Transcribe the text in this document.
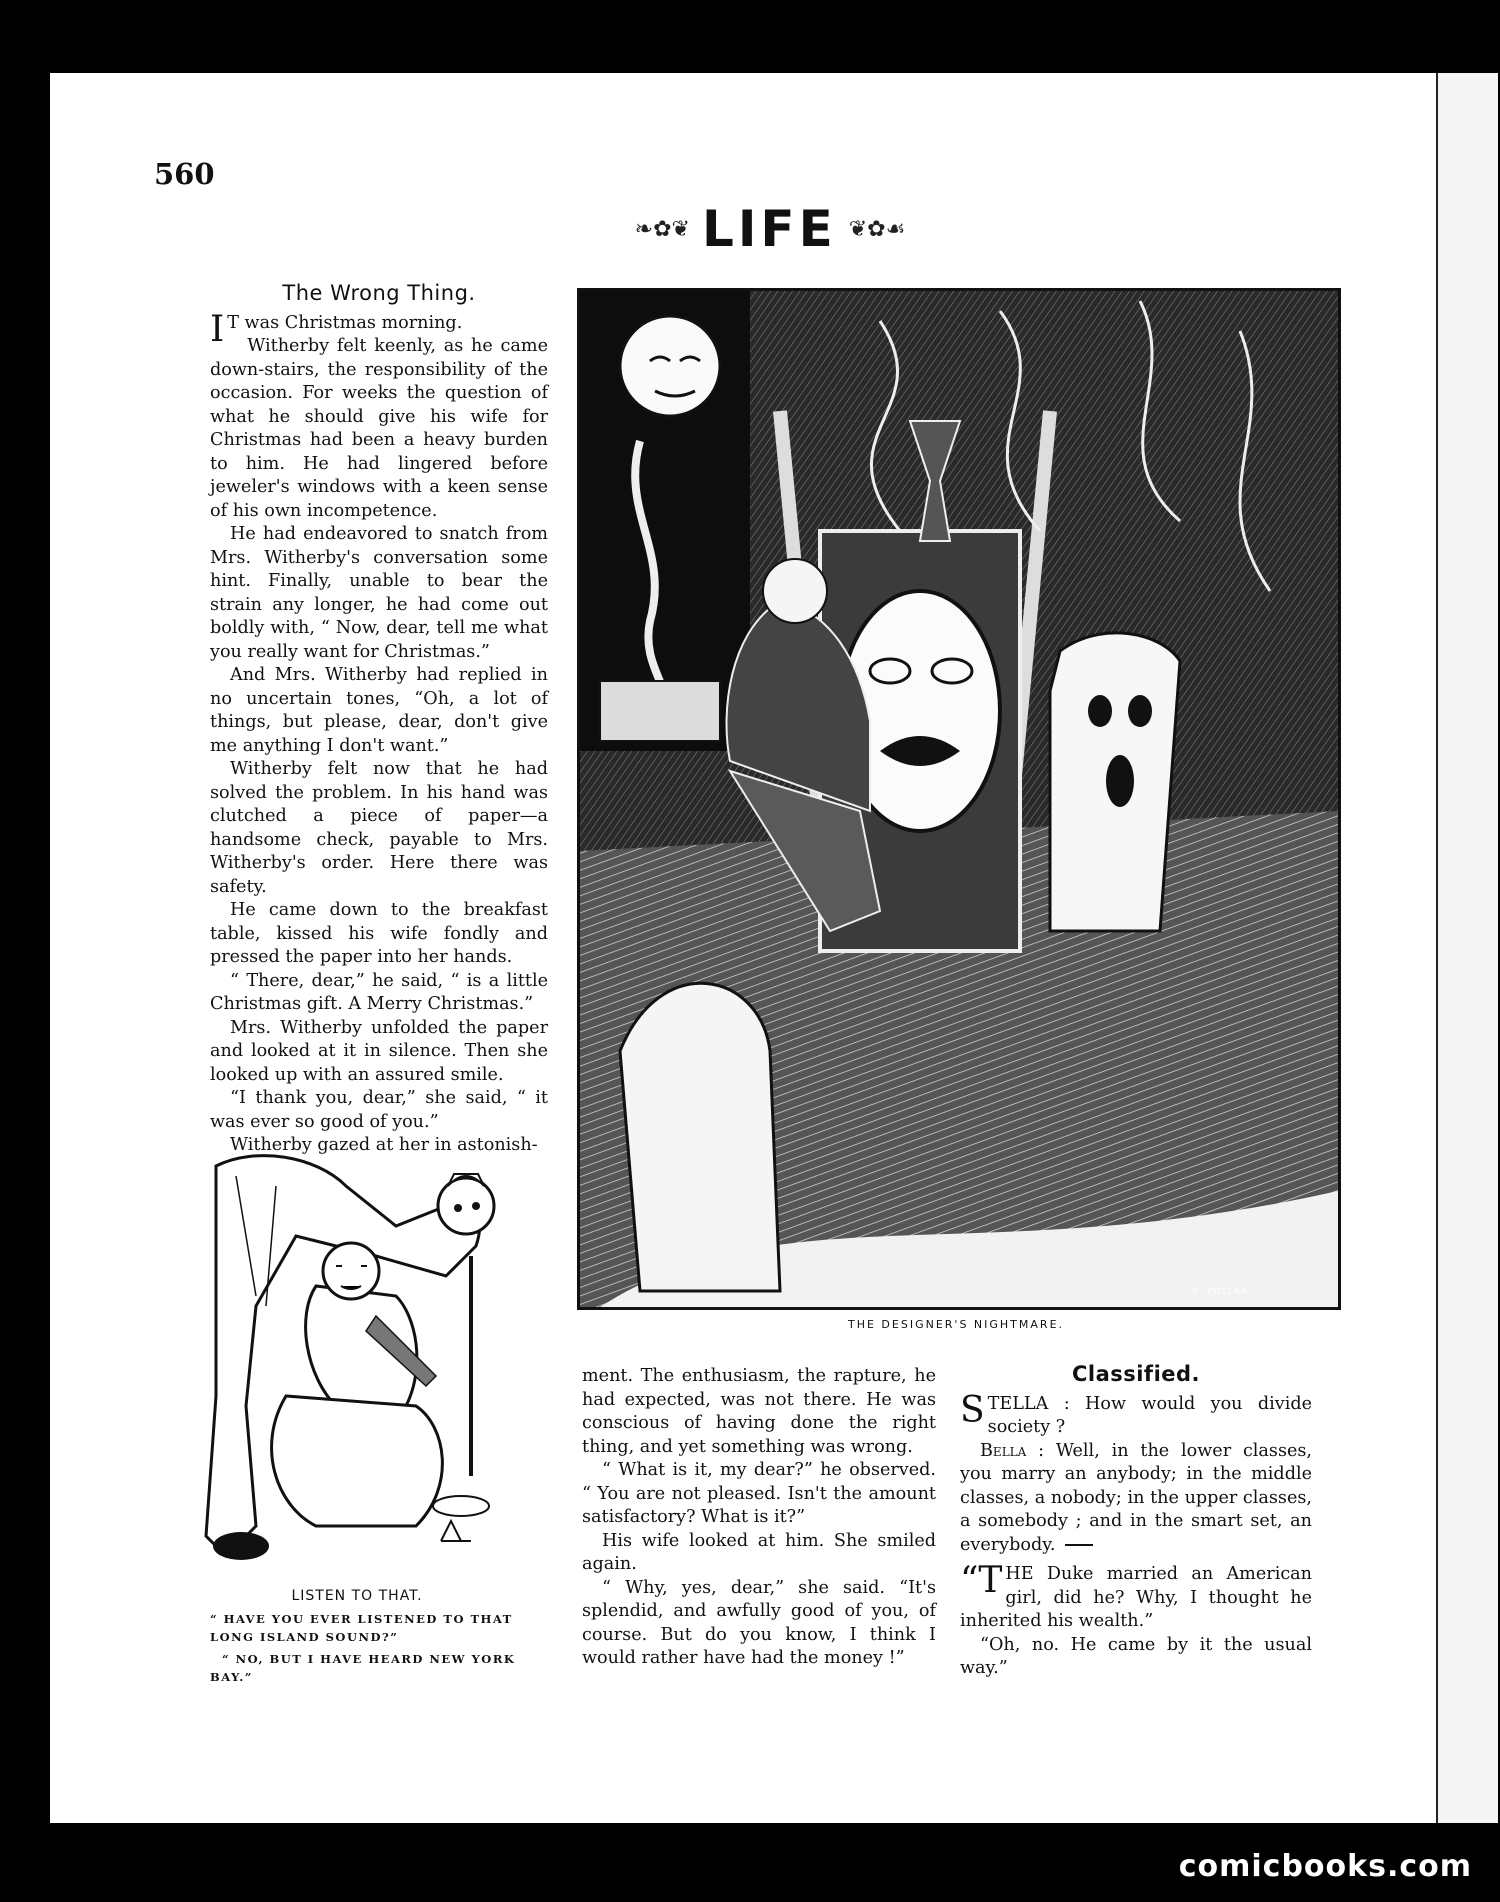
560
❧✿❦ LIFE ❦✿☙
The Wrong Thing.

I T was Christmas morning.

Witherby felt keenly, as he came down-stairs, the responsibility of the occasion. For weeks the question of what he should give his wife for Christmas had been a heavy burden to him. He had lingered before jeweler's windows with a keen sense of his own incompetence.

He had endeavored to snatch from Mrs. Witherby's conversation some hint. Finally, unable to bear the strain any longer, he had come out boldly with, “ Now, dear, tell me what you really want for Christmas.”

And Mrs. Witherby had replied in no uncertain tones, “Oh, a lot of things, but please, dear, don't give me anything I don't want.”

Witherby felt now that he had solved the problem. In his hand was clutched a piece of paper—a handsome check, payable to Mrs. Witherby's order. Here there was safety.

He came down to the breakfast table, kissed his wife fondly and pressed the paper into her hands.

“ There, dear,” he said, “ is a little Christmas gift. A Merry Christmas.”

Mrs. Witherby unfolded the paper and looked at it in silence. Then she looked up with an assured smile.

“I thank you, dear,” she said, “ it was ever so good of you.”

Witherby gazed at her in astonish-

E. POLLAK
THE DESIGNER'S NIGHTMARE.
LISTEN TO THAT.

“ HAVE YOU EVER LISTENED TO THAT LONG ISLAND SOUND?”

“ NO, BUT I HAVE HEARD NEW YORK BAY.”

ment. The enthusiasm, the rapture, he had expected, was not there. He was conscious of having done the right thing, and yet something was wrong.

“ What is it, my dear?” he observed. “ You are not pleased. Isn't the amount satisfactory? What is it?”

His wife looked at him. She smiled again.

“ Why, yes, dear,” she said. “It's splendid, and awfully good of you, of course. But do you know, I think I would rather have had the money !”

Classified.

STELLA : How would you divide society ?

Bella : Well, in the lower classes, you marry an anybody; in the middle classes, a nobody; in the upper classes, a somebody ; and in the smart set, an everybody.

“T HE Duke married an American girl, did he? Why, I thought he inherited his wealth.”

“Oh, no. He came by it the usual way.”

comicbooks.com
